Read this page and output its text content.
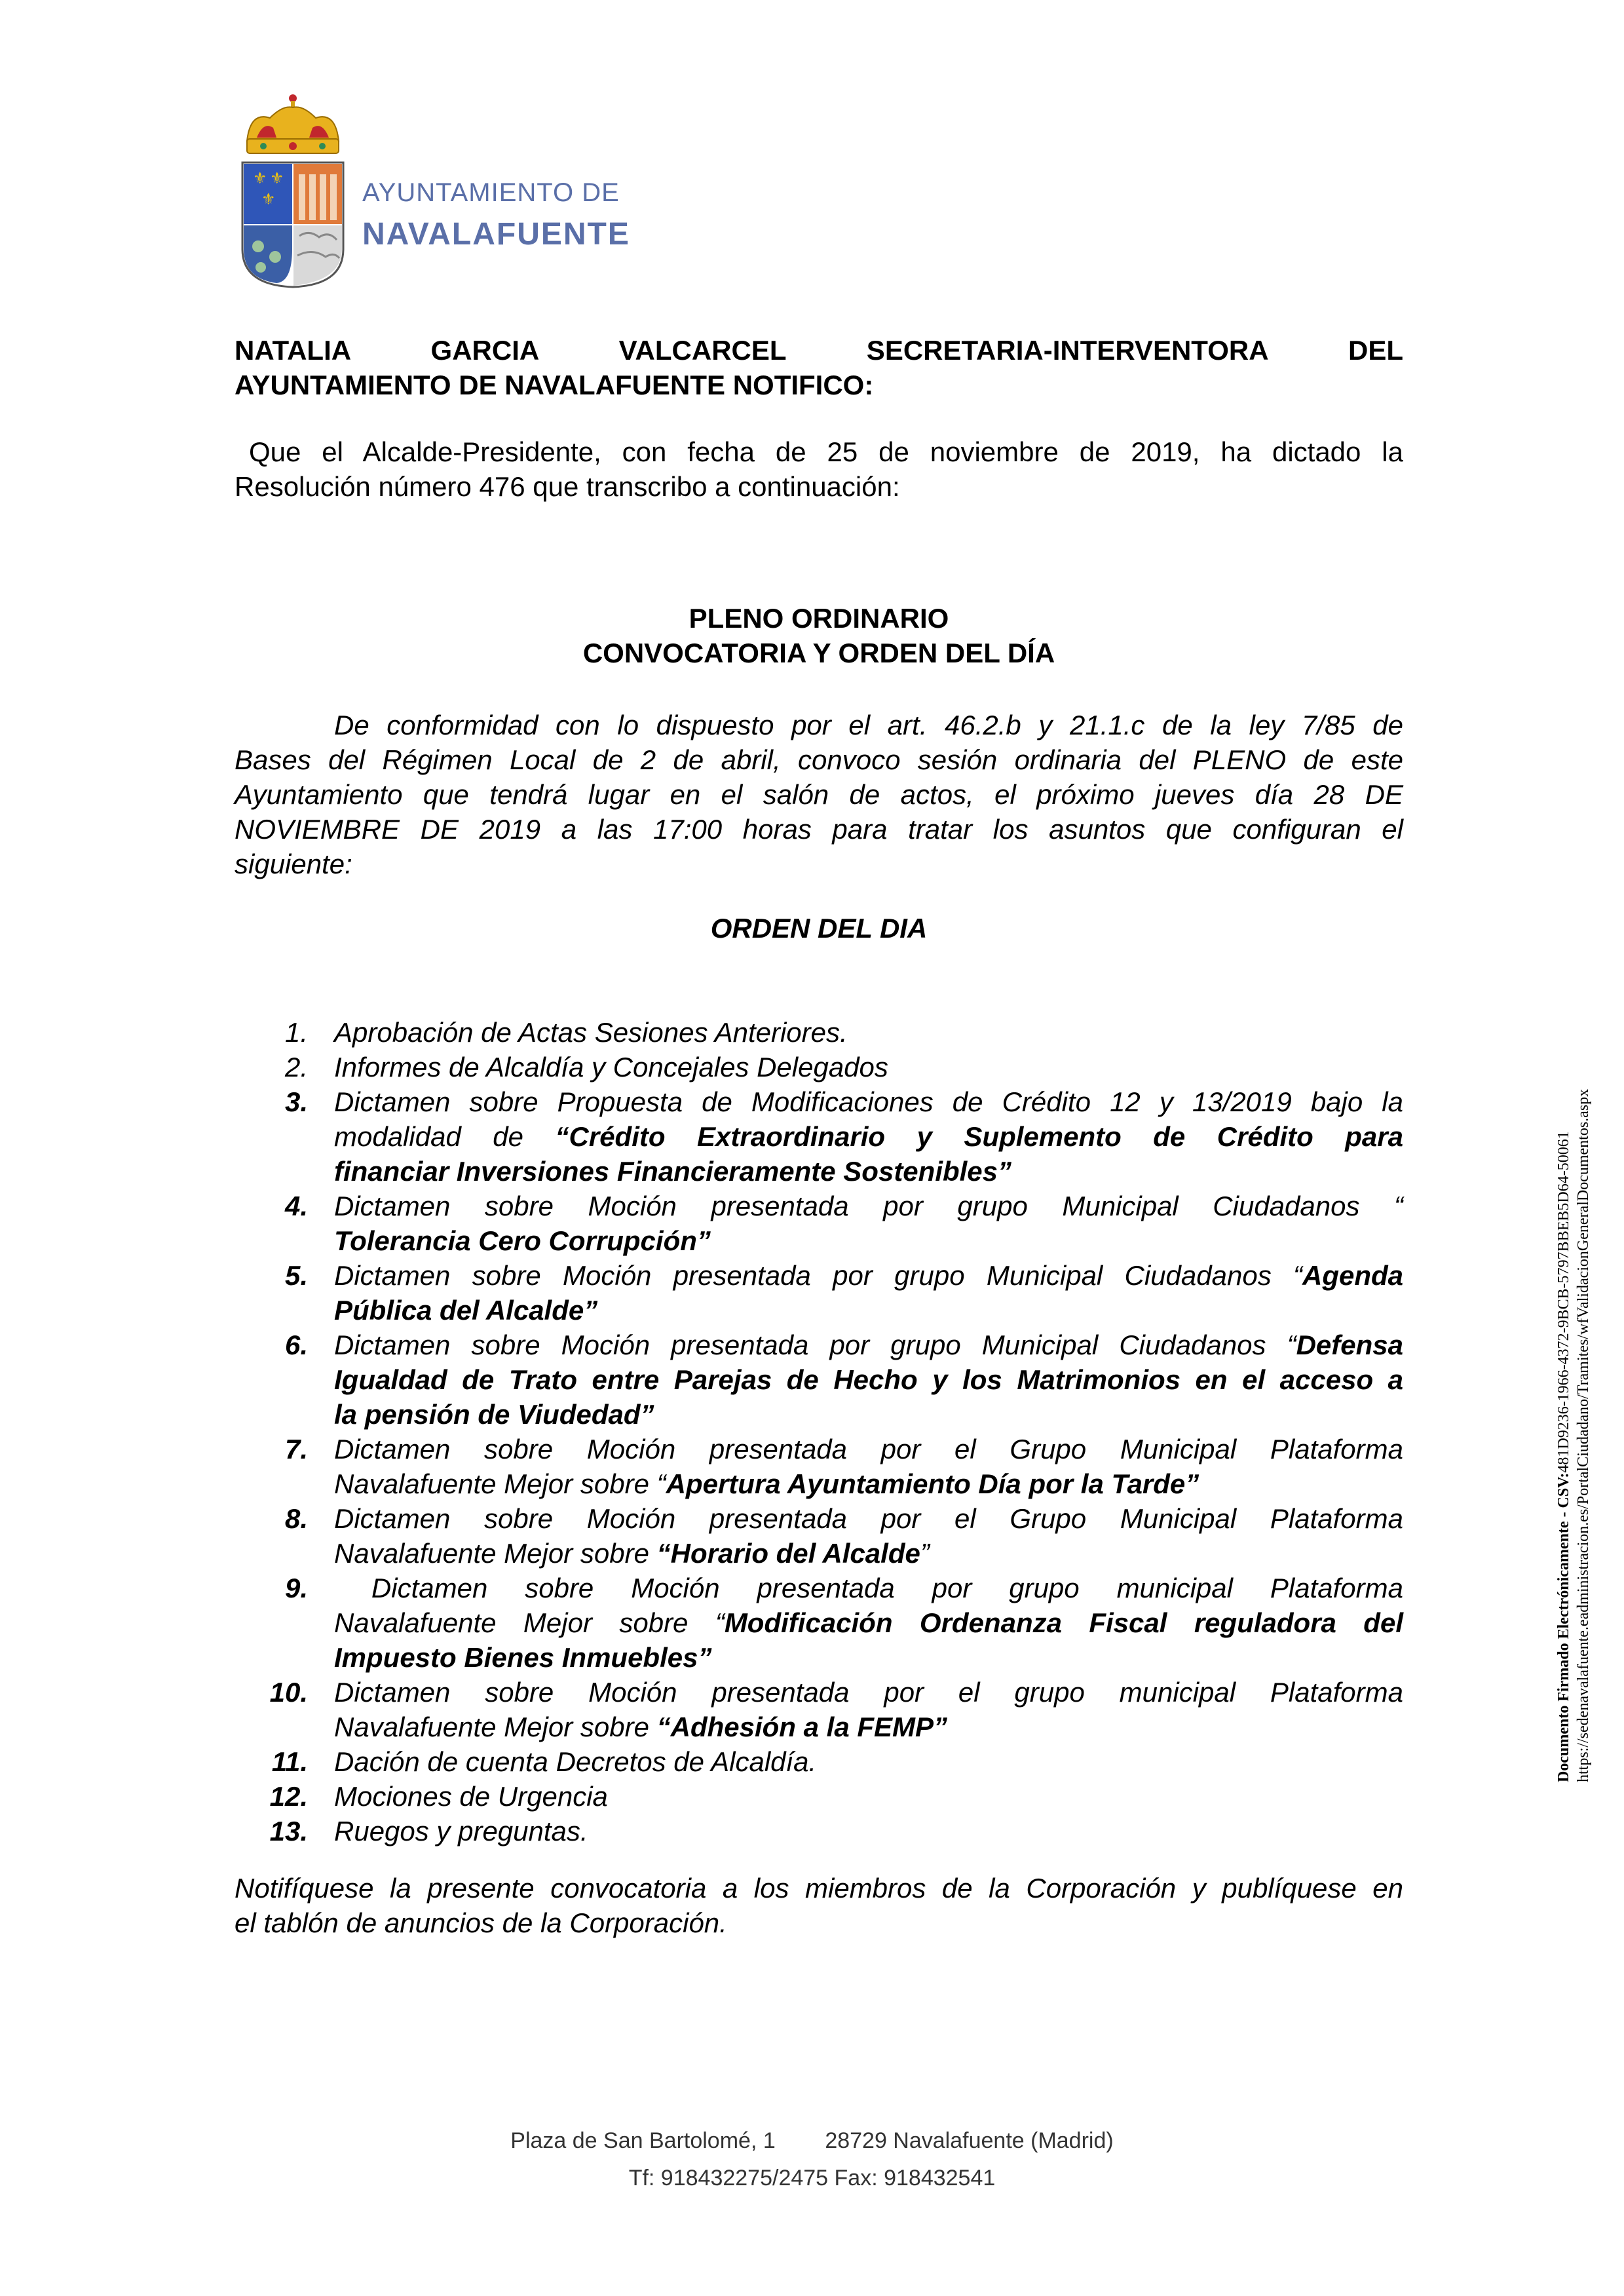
⚜ ⚜
⚜	AYUNTAMIENTO DE
NAVALAFUENTE
NATALIA GARCIA VALCARCEL SECRETARIA-INTERVENTORA DEL
AYUNTAMIENTO DE NAVALAFUENTE NOTIFICO:
Que el Alcalde-Presidente, con fecha de 25 de noviembre de 2019, ha dictado la
Resolución número 476 que transcribo a continuación:
PLENO ORDINARIO
CONVOCATORIA Y ORDEN DEL DÍA
De conformidad con lo dispuesto por el art. 46.2.b y 21.1.c de la ley 7/85 de
Bases del Régimen Local de 2 de abril, convoco sesión ordinaria del PLENO de este
Ayuntamiento que tendrá lugar en el salón de actos, el próximo jueves día 28 DE
NOVIEMBRE DE 2019 a las 17:00 horas para tratar los asuntos que configuran el
siguiente:
ORDEN DEL DIA
1. Aprobación de Actas Sesiones Anteriores.
2. Informes de Alcaldía y Concejales Delegados
3. Dictamen sobre Propuesta de Modificaciones de Crédito 12 y 13/2019 bajo la
modalidad de “Crédito Extraordinario y Suplemento de Crédito para
financiar Inversiones Financieramente Sostenibles”
4. Dictamen sobre Moción presentada por grupo Municipal Ciudadanos “
Tolerancia Cero Corrupción”
5. Dictamen sobre Moción presentada por grupo Municipal Ciudadanos “Agenda
Pública del Alcalde”
6. Dictamen sobre Moción presentada por grupo Municipal Ciudadanos “Defensa
Igualdad de Trato entre Parejas de Hecho y los Matrimonios en el acceso a
la pensión de Viudedad”
7. Dictamen sobre Moción presentada por el Grupo Municipal Plataforma
Navalafuente Mejor sobre “Apertura Ayuntamiento Día por la Tarde”
8. Dictamen sobre Moción presentada por el Grupo Municipal Plataforma
Navalafuente Mejor sobre “Horario del Alcalde”
9. Dictamen sobre Moción presentada por grupo municipal Plataforma
Navalafuente Mejor sobre “Modificación Ordenanza Fiscal reguladora del
Impuesto Bienes Inmuebles”
10. Dictamen sobre Moción presentada por el grupo municipal Plataforma
Navalafuente Mejor sobre “Adhesión a la FEMP”
11. Dación de cuenta Decretos de Alcaldía.
12. Mociones de Urgencia
13. Ruegos y preguntas.
Notifíquese la presente convocatoria a los miembros de la Corporación y publíquese en
el tablón de anuncios de la Corporación.
Plaza de San Bartolomé, 1        28729 Navalafuente (Madrid)
Tf: 918432275/2475 Fax: 918432541
Documento Firmado Electrónicamente - CSV:481D9236-1966-4372-9BCB-5797BBEB5D64-50061 https://sedenavalafuente.eadministracion.es/PortalCiudadano/Tramites/wfValidacionGeneralDocumentos.aspx
